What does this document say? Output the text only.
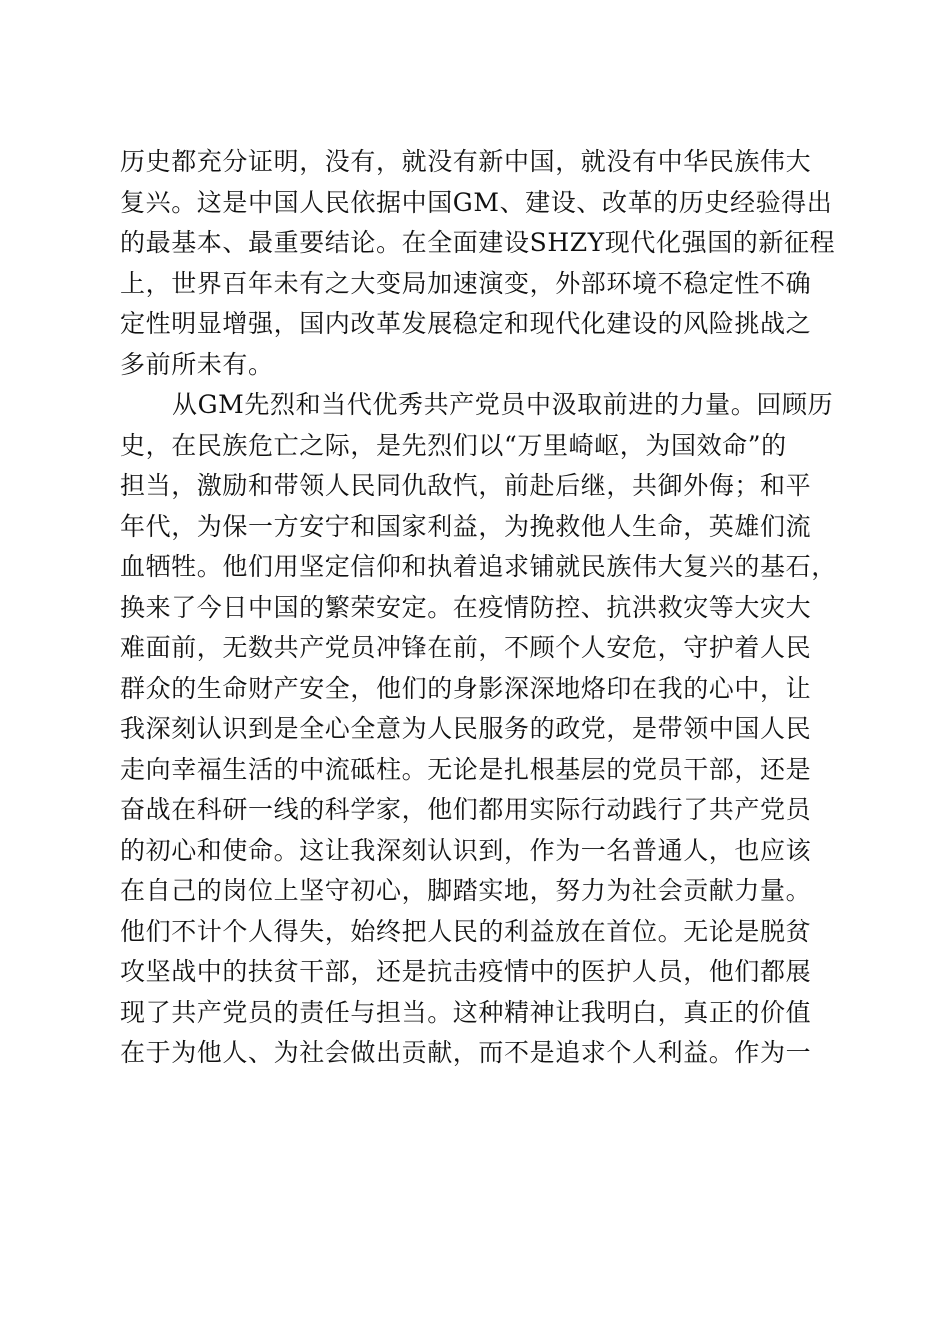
历史都充分证明，没有，就没有新中国，就没有中华民族伟大
复兴。这是中国人民依据中国GM、建设、改革的历史经验得出
的最基本、最重要结论。在全面建设SHZY现代化强国的新征程
上，世界百年未有之大变局加速演变，外部环境不稳定性不确
定性明显增强，国内改革发展稳定和现代化建设的风险挑战之
多前所未有。
从GM先烈和当代优秀共产党员中汲取前进的力量。回顾历
史，在民族危亡之际，是先烈们以“万里崎岖，为国效命”的
担当，激励和带领人民同仇敌忾，前赴后继，共御外侮；和平
年代，为保一方安宁和国家利益，为挽救他人生命，英雄们流
血牺牲。他们用坚定信仰和执着追求铺就民族伟大复兴的基石，
换来了今日中国的繁荣安定。在疫情防控、抗洪救灾等大灾大
难面前，无数共产党员冲锋在前，不顾个人安危，守护着人民
群众的生命财产安全，他们的身影深深地烙印在我的心中，让
我深刻认识到是全心全意为人民服务的政党，是带领中国人民
走向幸福生活的中流砥柱。无论是扎根基层的党员干部，还是
奋战在科研一线的科学家，他们都用实际行动践行了共产党员
的初心和使命。这让我深刻认识到，作为一名普通人，也应该
在自己的岗位上坚守初心，脚踏实地，努力为社会贡献力量。
他们不计个人得失，始终把人民的利益放在首位。无论是脱贫
攻坚战中的扶贫干部，还是抗击疫情中的医护人员，他们都展
现了共产党员的责任与担当。这种精神让我明白，真正的价值
在于为他人、为社会做出贡献，而不是追求个人利益。作为一
